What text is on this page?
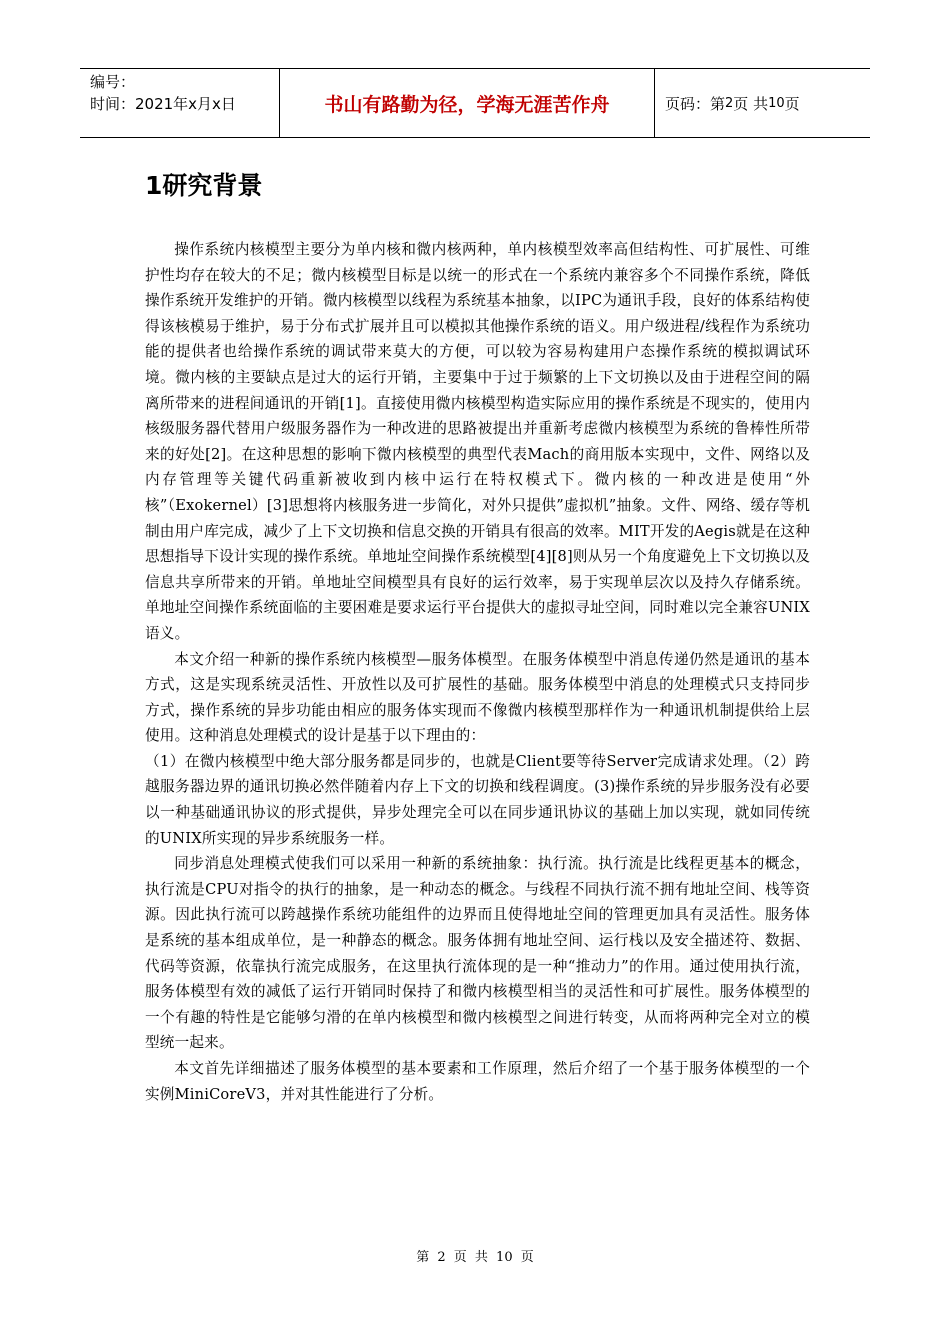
编号：
时间：2021年x月x日	书山有路勤为径，学海无涯苦作舟	页码：第 2 页 共 10 页
1研究背景

操作系统内核模型主要分为单内核和微内核两种，单内核模型效率高但结构性、可扩展性、可维护性均存在较大的不足；微内核模型目标是以统一的形式在一个系统内兼容多个不同操作系统，降低操作系统开发维护的开销。微内核模型以线程为系统基本抽象，以IPC为通讯手段，良好的体系结构使得该核模易于维护，易于分布式扩展并且可以模拟其他操作系统的语义。用户级进程/线程作为系统功能的提供者也给操作系统的调试带来莫大的方便，可以较为容易构建用户态操作系统的模拟调试环境。微内核的主要缺点是过大的运行开销，主要集中于过于频繁的上下文切换以及由于进程空间的隔离所带来的进程间通讯的开销[1]。直接使用微内核模型构造实际应用的操作系统是不现实的，使用内核级服务器代替用户级服务器作为一种改进的思路被提出并重新考虑微内核模型为系统的鲁棒性所带来的好处[2]。在这种思想的影响下微内核模型的典型代表Mach的商用版本实现中，文件、网络以及内存管理等关键代码重新被收到内核中运行在特权模式下。微内核的一种改进是使用“外核”（Exokernel）[3]思想将内核服务进一步简化，对外只提供”虚拟机”抽象。文件、网络、缓存等机制由用户库完成，减少了上下文切换和信息交换的开销具有很高的效率。MIT开发的Aegis就是在这种思想指导下设计实现的操作系统。单地址空间操作系统模型[4][8]则从另一个角度避免上下文切换以及信息共享所带来的开销。单地址空间模型具有良好的运行效率，易于实现单层次以及持久存储系统。单地址空间操作系统面临的主要困难是要求运行平台提供大的虚拟寻址空间，同时难以完全兼容UNIX语义。

本文介绍一种新的操作系统内核模型—服务体模型。在服务体模型中消息传递仍然是通讯的基本方式，这是实现系统灵活性、开放性以及可扩展性的基础。服务体模型中消息的处理模式只支持同步方式，操作系统的异步功能由相应的服务体实现而不像微内核模型那样作为一种通讯机制提供给上层使用。这种消息处理模式的设计是基于以下理由的：

（1）在微内核模型中绝大部分服务都是同步的，也就是Client要等待Server完成请求处理。（2）跨越服务器边界的通讯切换必然伴随着内存上下文的切换和线程调度。(3)操作系统的异步服务没有必要以一种基础通讯协议的形式提供，异步处理完全可以在同步通讯协议的基础上加以实现，就如同传统的UNIX所实现的异步系统服务一样。

同步消息处理模式使我们可以采用一种新的系统抽象：执行流。执行流是比线程更基本的概念，执行流是CPU对指令的执行的抽象，是一种动态的概念。与线程不同执行流不拥有地址空间、栈等资源。因此执行流可以跨越操作系统功能组件的边界而且使得地址空间的管理更加具有灵活性。服务体是系统的基本组成单位，是一种静态的概念。服务体拥有地址空间、运行栈以及安全描述符、数据、代码等资源，依靠执行流完成服务，在这里执行流体现的是一种“推动力”的作用。通过使用执行流，服务体模型有效的减低了运行开销同时保持了和微内核模型相当的灵活性和可扩展性。服务体模型的一个有趣的特性是它能够匀滑的在单内核模型和微内核模型之间进行转变，从而将两种完全对立的模型统一起来。

本文首先详细描述了服务体模型的基本要素和工作原理，然后介绍了一个基于服务体模型的一个实例MiniCoreV3，并对其性能进行了分析。

第 2 页 共 10 页
